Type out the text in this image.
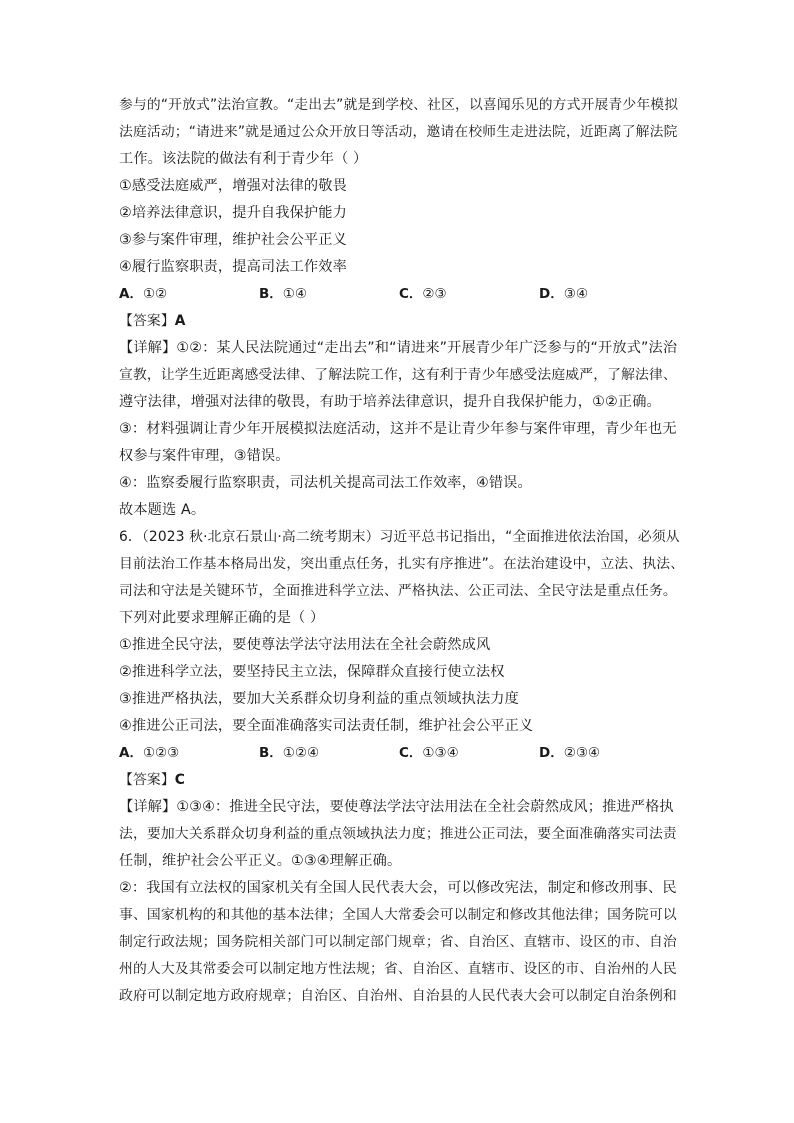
参与的“开放式”法治宣教。“走出去”就是到学校、社区，以喜闻乐见的方式开展青少年模拟
法庭活动；“请进来”就是通过公众开放日等活动，邀请在校师生走进法院，近距离了解法院
工作。该法院的做法有利于青少年（ ）
①感受法庭威严，增强对法律的敬畏
②培养法律意识，提升自我保护能力
③参与案件审理，维护社会公平正义
④履行监察职责，提高司法工作效率
A．①②	B．①④	C．②③	D．③④
【答案】A
【详解】①②：某人民法院通过“走出去”和“请进来”开展青少年广泛参与的“开放式”法治
宣教，让学生近距离感受法律、了解法院工作，这有利于青少年感受法庭威严，了解法律、
遵守法律，增强对法律的敬畏，有助于培养法律意识，提升自我保护能力，①②正确。
③：材料强调让青少年开展模拟法庭活动，这并不是让青少年参与案件审理，青少年也无
权参与案件审理，③错误。
④：监察委履行监察职责，司法机关提高司法工作效率，④错误。
故本题选 A。
6．（2023 秋·北京石景山·高二统考期末）习近平总书记指出，“全面推进依法治国，必须从
目前法治工作基本格局出发，突出重点任务，扎实有序推进”。在法治建设中，立法、执法、
司法和守法是关键环节，全面推进科学立法、严格执法、公正司法、全民守法是重点任务。
下列对此要求理解正确的是（ ）
①推进全民守法，要使尊法学法守法用法在全社会蔚然成风
②推进科学立法，要坚持民主立法，保障群众直接行使立法权
③推进严格执法，要加大关系群众切身利益的重点领域执法力度
④推进公正司法，要全面准确落实司法责任制，维护社会公平正义
A．①②③	B．①②④	C．①③④	D．②③④
【答案】C
【详解】①③④：推进全民守法，要使尊法学法守法用法在全社会蔚然成风；推进严格执
法，要加大关系群众切身利益的重点领域执法力度；推进公正司法，要全面准确落实司法责
任制，维护社会公平正义。①③④理解正确。
②：我国有立法权的国家机关有全国人民代表大会，可以修改宪法，制定和修改刑事、民
事、国家机构的和其他的基本法律；全国人大常委会可以制定和修改其他法律；国务院可以
制定行政法规；国务院相关部门可以制定部门规章；省、自治区、直辖市、设区的市、自治
州的人大及其常委会可以制定地方性法规；省、自治区、直辖市、设区的市、自治州的人民
政府可以制定地方政府规章；自治区、自治州、自治县的人民代表大会可以制定自治条例和
